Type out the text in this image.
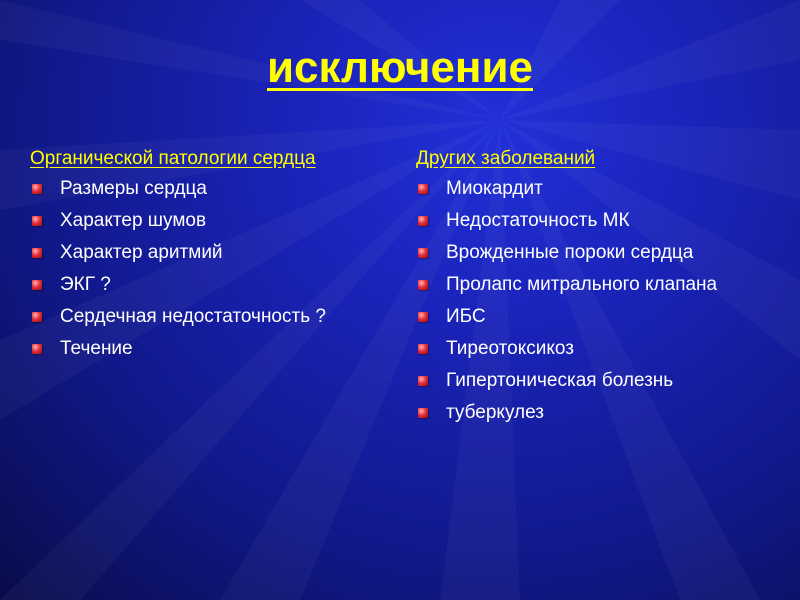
исключение
Органической патологии сердца
Размеры сердца
Характер шумов
Характер аритмий
ЭКГ ?
Сердечная недостаточность ?
Течение
Других заболеваний
Миокардит
Недостаточность МК
Врожденные пороки сердца
Пролапс митрального клапана
ИБС
Тиреотоксикоз
Гипертоническая болезнь
туберкулез
